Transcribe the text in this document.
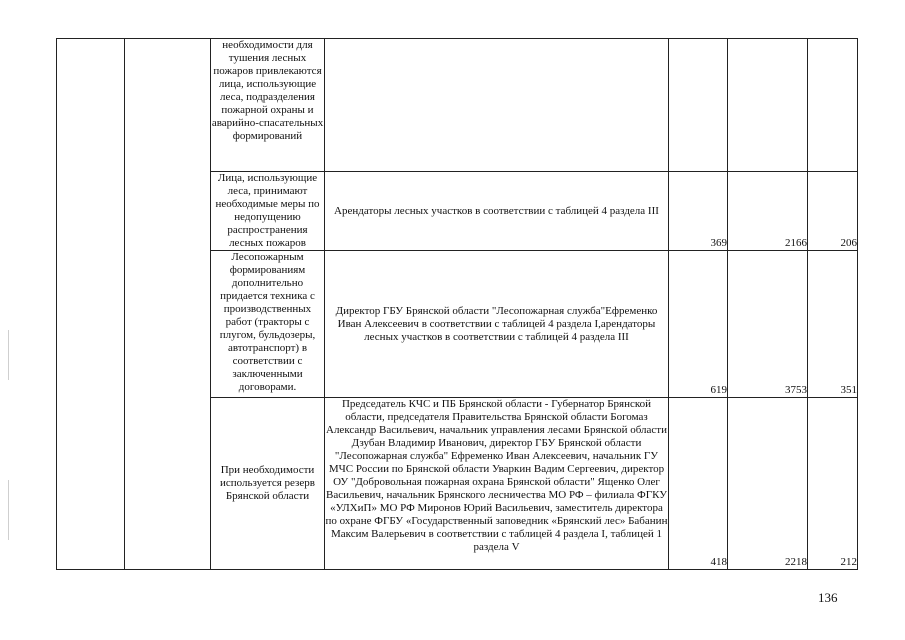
		необходимости для тушения лесных пожаров привлекаются лица, использующие леса, подразделения пожарной охраны и аварийно-спасательных формирований				
		Лица, использующие леса, принимают необходимые меры по недопущению распространения лесных пожаров	Арендаторы лесных участков в соответствии с таблицей 4 раздела III	369	2166	206
		Лесопожарным формированиям дополнительно придается техника с производственных работ (тракторы с плугом, бульдозеры, автотранспорт) в соответствии с заключенными договорами.	Директор ГБУ Брянской области "Лесопожарная служба"Ефременко Иван Алексеевич в соответствии с таблицей 4 раздела I,арендаторы лесных участков в соответствии с таблицей 4 раздела III	619	3753	351
		При необходимости используется резерв Брянской области	Председатель КЧС и ПБ Брянской области - Губернатор Брянской области, председателя Правительства Брянской области Богомаз Александр Васильевич, начальник управления лесами Брянской области Дзубан Владимир Иванович, директор ГБУ Брянской области "Лесопожарная служба" Ефременко Иван Алексеевич, начальник ГУ МЧС России по Брянской области Уваркин Вадим Сергеевич, директор ОУ "Добровольная пожарная охрана Брянской области" Ященко Олег Васильевич, начальник Брянского лесничества МО РФ – филиала ФГКУ «УЛХиП» МО РФ Миронов Юрий Васильевич, заместитель директора по охране ФГБУ «Государственный заповедник «Брянский лес» Бабанин Максим Валерьевич в соответствии с таблицей 4 раздела I, таблицей 1 раздела V	418	2218	212
136
